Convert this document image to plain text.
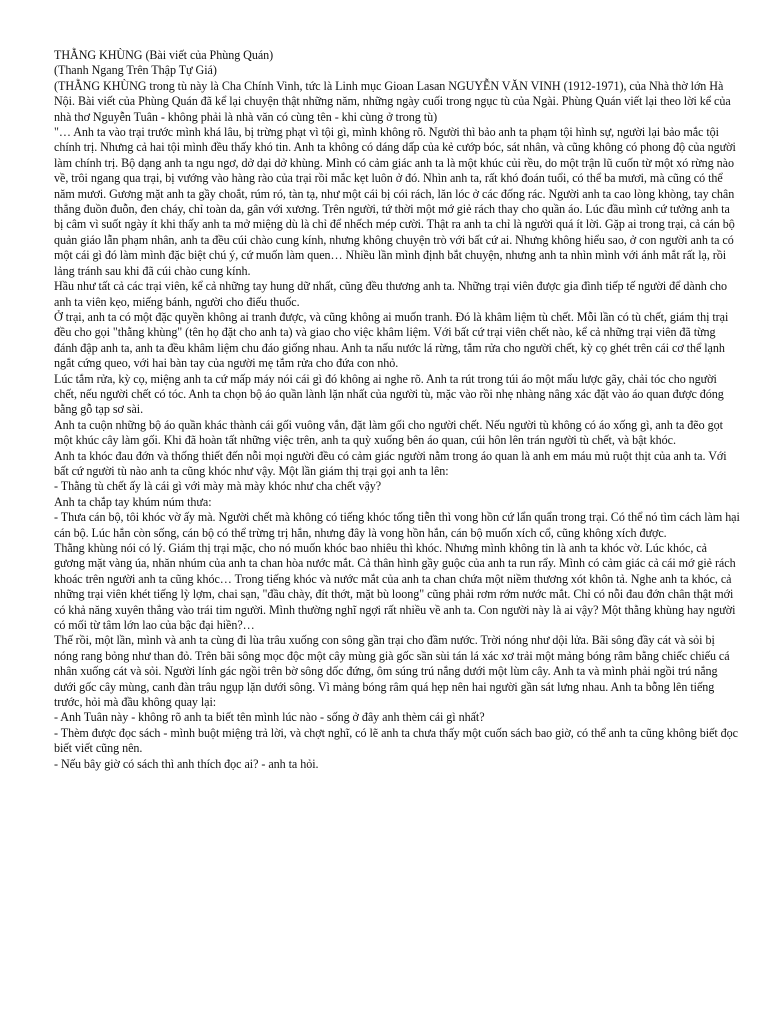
THẰNG KHÙNG (Bài viết của Phùng Quán)

(Thanh Ngang Trên Thập Tự Giá)

(THẰNG KHÙNG trong tù này là Cha Chính Vinh, tức là Linh mục Gioan Lasan NGUYỄN VĂN VINH (1912-1971), của Nhà thờ lớn Hà Nội. Bài viết của Phùng Quán đã kể lại chuyện thật những năm, những ngày cuối trong ngục tù của Ngài. Phùng Quán viết lại theo lời kể của nhà thơ Nguyễn Tuân - không phải là nhà văn có cùng tên - khi cùng ở trong tù)

"… Anh ta vào trại trước mình khá lâu, bị trừng phạt vì tội gì, mình không rõ. Người thì bảo anh ta phạm tội hình sự, người lại bảo mắc tội chính trị. Nhưng cả hai tội mình đều thấy khó tin. Anh ta không có dáng dấp của kẻ cướp bóc, sát nhân, và cũng không có phong độ của người làm chính trị. Bộ dạng anh ta ngu ngơ, dở dại dở khùng. Mình có cảm giác anh ta là một khúc củi rều, do một trận lũ cuốn từ một xó rừng nào về, trôi ngang qua trại, bị vướng vào hàng rào của trại rồi mắc kẹt luôn ở đó. Nhìn anh ta, rất khó đoán tuổi, có thể ba mươi, mà cũng có thể năm mươi. Gương mặt anh ta gầy choắt, rúm ró, tàn tạ, như một cái bị cói rách, lăn lóc ở các đống rác. Người anh ta cao lòng khòng, tay chân thẳng đuồn đuỗn, đen cháy, chỉ toàn da, gân với xương. Trên người, tứ thời một mớ giẻ rách thay cho quần áo. Lúc đầu mình cứ tưởng anh ta bị câm vì suốt ngày ít khi thấy anh ta mở miệng dù là chỉ để nhếch mép cười. Thật ra anh ta chỉ là người quá ít lời. Gặp ai trong trại, cả cán bộ quản giáo lẫn phạm nhân, anh ta đều cúi chào cung kính, nhưng không chuyện trò với bất cứ ai. Nhưng không hiểu sao, ở con người anh ta có một cái gì đó làm mình đặc biệt chú ý, cứ muốn làm quen… Nhiều lần mình định bắt chuyện, nhưng anh ta nhìn mình với ánh mắt rất lạ, rồi lảng tránh sau khi đã cúi chào cung kính.

Hầu như tất cả các trại viên, kể cả những tay hung dữ nhất, cũng đều thương anh ta. Những trại viên được gia đình tiếp tế người để dành cho anh ta viên kẹo, miếng bánh, người cho điếu thuốc.

Ở trại, anh ta có một đặc quyền không ai tranh được, và cũng không ai muốn tranh. Đó là khâm liệm tù chết. Mỗi lần có tù chết, giám thị trại đều cho gọi "thằng khùng" (tên họ đặt cho anh ta) và giao cho việc khâm liệm. Với bất cứ trại viên chết nào, kể cả những trại viên đã từng đánh đập anh ta, anh ta đều khâm liệm chu đáo giống nhau. Anh ta nấu nước lá rừng, tắm rửa cho người chết, kỳ cọ ghét trên cái cơ thể lạnh ngắt cứng queo, với hai bàn tay của người mẹ tắm rửa cho đứa con nhỏ.

Lúc tắm rửa, kỳ cọ, miệng anh ta cứ mấp máy nói cái gì đó không ai nghe rõ. Anh ta rút trong túi áo một mẩu lược gãy, chải tóc cho người chết, nếu người chết có tóc. Anh ta chọn bộ áo quần lành lặn nhất của người tù, mặc vào rồi nhẹ nhàng nâng xác đặt vào áo quan được đóng bằng gỗ tạp sơ sài.

Anh ta cuộn những bộ áo quần khác thành cái gối vuông vắn, đặt làm gối cho người chết. Nếu người tù không có áo xống gì, anh ta đẽo gọt một khúc cây làm gối. Khi đã hoàn tất những việc trên, anh ta quỳ xuống bên áo quan, cúi hôn lên trán người tù chết, và bật khóc.

Anh ta khóc đau đớn và thống thiết đến nỗi mọi người đều có cảm giác người nằm trong áo quan là anh em máu mủ ruột thịt của anh ta. Với bất cứ người tù nào anh ta cũng khóc như vậy. Một lần giám thị trại gọi anh ta lên:

- Thằng tù chết ấy là cái gì với mày mà mày khóc như cha chết vậy?

Anh ta chắp tay khúm núm thưa:

- Thưa cán bộ, tôi khóc vờ ấy mà. Người chết mà không có tiếng khóc tống tiễn thì vong hồn cứ lẩn quẩn trong trại. Có thể nó tìm cách làm hại cán bộ. Lúc hắn còn sống, cán bộ có thể trừng trị hắn, nhưng đây là vong hồn hắn, cán bộ muốn xích cổ, cũng không xích được.

Thằng khùng nói có lý. Giám thị trại mặc, cho nó muốn khóc bao nhiêu thì khóc. Nhưng mình không tin là anh ta khóc vờ. Lúc khóc, cả gương mặt vàng úa, nhăn nhúm của anh ta chan hòa nước mắt. Cả thân hình gầy guộc của anh ta run rẩy. Mình có cảm giác cả cái mớ giẻ rách khoác trên người anh ta cũng khóc… Trong tiếng khóc và nước mắt của anh ta chan chứa một niềm thương xót khôn tả. Nghe anh ta khóc, cả những trại viên khét tiếng lỳ lợm, chai sạn, "đầu chày, đít thớt, mặt bù loong" cũng phải rơm rớm nước mắt. Chỉ có nỗi đau đớn chân thật mới có khả năng xuyên thẳng vào trái tim người. Mình thường nghĩ ngợi rất nhiều về anh ta. Con người này là ai vậy? Một thằng khùng hay người có mối từ tâm lớn lao của bậc đại hiền?…

Thế rồi, một lần, mình và anh ta cùng đi lùa trâu xuống con sông gần trại cho đầm nước. Trời nóng như dội lửa. Bãi sông đầy cát và sỏi bị nóng rang bỏng như than đỏ. Trên bãi sông mọc độc một cây mùng già gốc sần sùi tán lá xác xơ trải một mảng bóng râm bằng chiếc chiếu cá nhân xuống cát và sỏi. Người lính gác ngồi trên bờ sông dốc đứng, ôm súng trú nắng dưới một lùm cây. Anh ta và mình phải ngồi trú nắng dưới gốc cây mùng, canh đàn trâu ngụp lặn dưới sông. Vì mảng bóng râm quá hẹp nên hai người gần sát lưng nhau. Anh ta bỗng lên tiếng trước, hỏi mà đầu không quay lại:

- Anh Tuân này - không rõ anh ta biết tên mình lúc nào - sống ở đây anh thèm cái gì nhất?

- Thèm được đọc sách - mình buột miệng trả lời, và chợt nghĩ, có lẽ anh ta chưa thấy một cuốn sách bao giờ, có thể anh ta cũng không biết đọc biết viết cũng nên.

- Nếu bây giờ có sách thì anh thích đọc ai? - anh ta hỏi.
